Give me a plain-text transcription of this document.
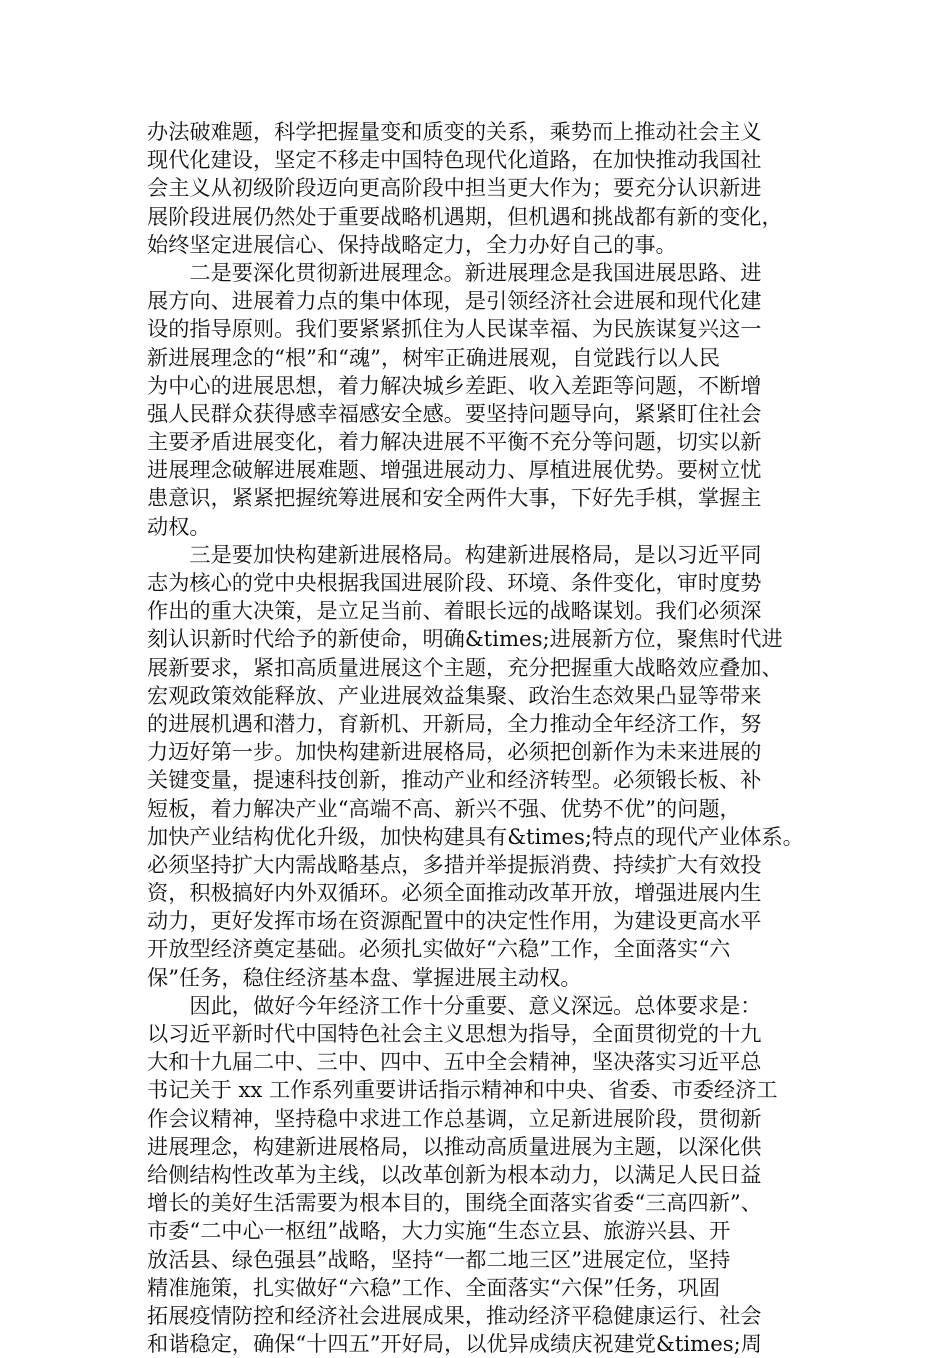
办法破难题，科学把握量变和质变的关系，乘势而上推动社会主义
现代化建设，坚定不移走中国特色现代化道路，在加快推动我国社
会主义从初级阶段迈向更高阶段中担当更大作为；要充分认识新进
展阶段进展仍然处于重要战略机遇期，但机遇和挑战都有新的变化，
始终坚定进展信心、保持战略定力，全力办好自己的事。
　　二是要深化贯彻新进展理念。新进展理念是我国进展思路、进
展方向、进展着力点的集中体现，是引领经济社会进展和现代化建
设的指导原则。我们要紧紧抓住为人民谋幸福、为民族谋复兴这一
新进展理念的“根”和“魂”，树牢正确进展观，自觉践行以人民
为中心的进展思想，着力解决城乡差距、收入差距等问题，不断增
强人民群众获得感幸福感安全感。要坚持问题导向，紧紧盯住社会
主要矛盾进展变化，着力解决进展不平衡不充分等问题，切实以新
进展理念破解进展难题、增强进展动力、厚植进展优势。要树立忧
患意识，紧紧把握统筹进展和安全两件大事，下好先手棋，掌握主
动权。
　　三是要加快构建新进展格局。构建新进展格局，是以习近平同
志为核心的党中央根据我国进展阶段、环境、条件变化，审时度势
作出的重大决策，是立足当前、着眼长远的战略谋划。我们必须深
刻认识新时代给予的新使命，明确&times;进展新方位，聚焦时代进
展新要求，紧扣高质量进展这个主题，充分把握重大战略效应叠加、
宏观政策效能释放、产业进展效益集聚、政治生态效果凸显等带来
的进展机遇和潜力，育新机、开新局，全力推动全年经济工作，努
力迈好第一步。加快构建新进展格局，必须把创新作为未来进展的
关键变量，提速科技创新，推动产业和经济转型。必须锻长板、补
短板，着力解决产业“高端不高、新兴不强、优势不优”的问题，
加快产业结构优化升级，加快构建具有&times;特点的现代产业体系。
必须坚持扩大内需战略基点，多措并举提振消费、持续扩大有效投
资，积极搞好内外双循环。必须全面推动改革开放，增强进展内生
动力，更好发挥市场在资源配置中的决定性作用，为建设更高水平
开放型经济奠定基础。必须扎实做好“六稳”工作，全面落实“六
保”任务，稳住经济基本盘、掌握进展主动权。
　　因此，做好今年经济工作十分重要、意义深远。总体要求是：
以习近平新时代中国特色社会主义思想为指导，全面贯彻党的十九
大和十九届二中、三中、四中、五中全会精神，坚决落实习近平总
书记关于 xx 工作系列重要讲话指示精神和中央、省委、市委经济工
作会议精神，坚持稳中求进工作总基调，立足新进展阶段，贯彻新
进展理念，构建新进展格局，以推动高质量进展为主题，以深化供
给侧结构性改革为主线，以改革创新为根本动力，以满足人民日益
增长的美好生活需要为根本目的，围绕全面落实省委“三高四新”、
市委“二中心一枢纽”战略，大力实施“生态立县、旅游兴县、开
放活县、绿色强县”战略，坚持“一都二地三区”进展定位，坚持
精准施策，扎实做好“六稳”工作、全面落实“六保”任务，巩固
拓展疫情防控和经济社会进展成果，推动经济平稳健康运行、社会
和谐稳定，确保“十四五”开好局，以优异成绩庆祝建党&times;周
